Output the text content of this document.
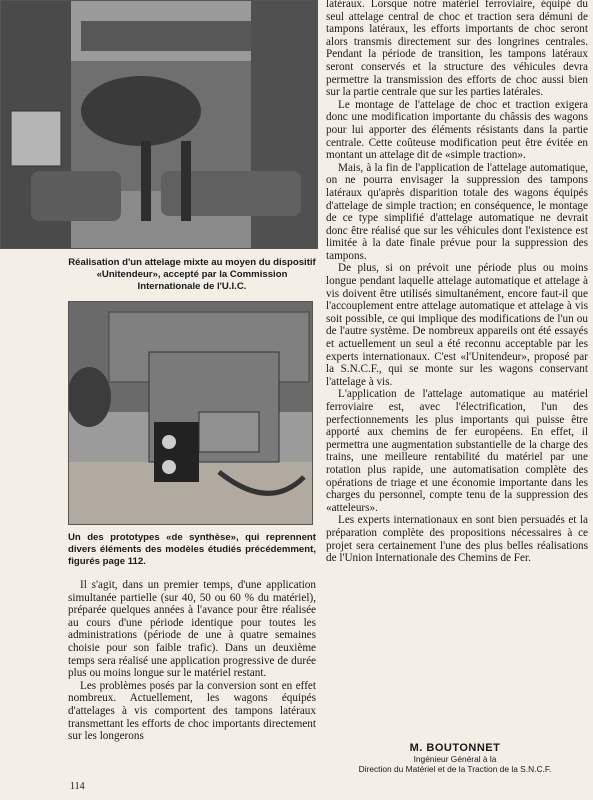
Réalisation d'un attelage mixte au moyen du dispositif «Unitendeur», accepté par la Commission Internationale de l'U.I.C.
Un des prototypes «de synthèse», qui reprennent divers éléments des modèles étudiés précédemment, figurés page 112.

Il s'agit, dans un premier temps, d'une application simultanée partielle (sur 40, 50 ou 60 % du matériel), préparée quelques années à l'avance pour être réalisée au cours d'une période identique pour toutes les administrations (période de une à quatre semaines choisie pour son faible trafic). Dans un deuxième temps sera réalisé une application progressive de durée plus ou moins longue sur le matériel restant.

Les problèmes posés par la conversion sont en effet nombreux. Actuellement, les wagons équipés d'attelages à vis comportent des tampons latéraux transmettant les efforts de choc importants directement sur les longerons

latéraux. Lorsque notre matériel ferroviaire, équipé du seul attelage central de choc et traction sera démuni de tampons latéraux, les efforts importants de choc seront alors transmis directement sur des longrines centrales. Pendant la période de transition, les tampons latéraux seront conservés et la structure des véhicules devra permettre la transmission des efforts de choc aussi bien sur la partie centrale que sur les parties latérales.

Le montage de l'attelage de choc et traction exigera donc une modification importante du châssis des wagons pour lui apporter des éléments résistants dans la partie centrale. Cette coûteuse modification peut être évitée en montant un attelage dit de «simple traction».

Mais, à la fin de l'application de l'attelage automatique, on ne pourra envisager la suppression des tampons latéraux qu'après disparition totale des wagons équipés d'attelage de simple traction; en conséquence, le montage de ce type simplifié d'attelage automatique ne devrait donc être réalisé que sur les véhicules dont l'existence est limitée à la date finale prévue pour la suppression des tampons.

De plus, si on prévoit une période plus ou moins longue pendant laquelle attelage automatique et attelage à vis doivent être utilisés simultanément, encore faut-il que l'accouplement entre attelage automatique et attelage à vis soit possible, ce qui implique des modifications de l'un ou de l'autre système. De nombreux appareils ont été essayés et actuellement un seul a été reconnu acceptable par les experts internationaux. C'est «l'Unitendeur», proposé par la S.N.C.F., qui se monte sur les wagons conservant l'attelage à vis.

L'application de l'attelage automatique au matériel ferroviaire est, avec l'électrification, l'un des perfectionnements les plus importants qui puisse être apporté aux chemins de fer européens. En effet, il permettra une augmentation substantielle de la charge des trains, une meilleure rentabilité du matériel par une rotation plus rapide, une automatisation complète des opérations de triage et une économie importante dans les charges du personnel, compte tenu de la suppression des «atteleurs».

Les experts internationaux en sont bien persuadés et la préparation complète des propositions nécessaires à ce projet sera certainement l'une des plus belles réalisations de l'Union Internationale des Chemins de Fer.

M. BOUTONNET
Ingénieur Général à la
Direction du Matériel et de la Traction de la S.N.C.F.
114
